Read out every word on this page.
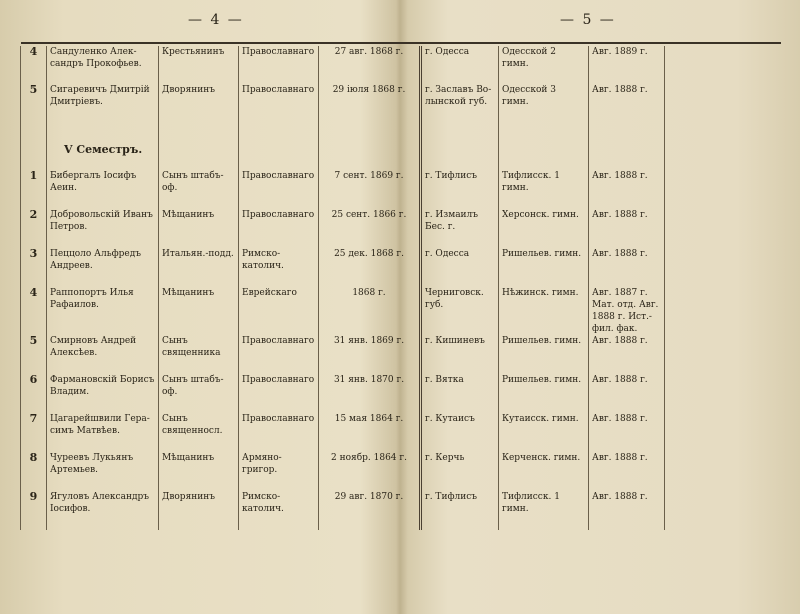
— 4 —	— 5 —

4	Сандуленко Алек-сандръ Прокофьев.	Крестьянинъ	Православнаго	27 авг. 1868 г.	г. Одесса	Одесской 2 гимн.	Авг. 1889 г.	
5	Сигаревичъ Дмитрій Дмитріевъ.	Дворянинъ	Православнаго	29 іюля 1868 г.	г. Заславъ Во-лынской губ.	Одесской 3 гимн.	Авг. 1888 г.	

	V Семестръ.							

1	Бибергалъ Іосифъ Аеин.	Сынъ штабъ-оф.	Православнаго	7 сент. 1869 г.	г. Тифлисъ	Тифлисск. 1 гимн.	Авг. 1888 г.	
2	Добровольскій Иванъ Петров.	Мѣщанинъ	Православнаго	25 сент. 1866 г.	г. Измаилъ Бес. г.	Херсонск. гимн.	Авг. 1888 г.	
3	Пеццоло Альфредъ Андреев.	Итальян.-подд.	Римско-католич.	25 дек. 1868 г.	г. Одесса	Ришельев. гимн.	Авг. 1888 г.	
4	Раппопортъ Илья Рафаилов.	Мѣщанинъ	Еврейскаго	1868 г.	Черниговск. губ.	Нѣжинск. гимн.	Авг. 1887 г. Мат. отд. Авг. 1888 г. Ист.-фил. фак.	
5	Смирновъ Андрей Алексѣев.	Сынъ священника	Православнаго	31 янв. 1869 г.	г. Кишиневъ	Ришельев. гимн.	Авг. 1888 г.	
6	Фармановскій Борисъ Владим.	Сынъ штабъ-оф.	Православнаго	31 янв. 1870 г.	г. Вятка	Ришельев. гимн.	Авг. 1888 г.	
7	Цагарейшвили Гера-симъ Матвѣев.	Сынъ священносл.	Православнаго	15 мая 1864 г.	г. Кутаисъ	Кутаисск. гимн.	Авг. 1888 г.	
8	Чуреевъ Лукьянъ Артемьев.	Мѣщанинъ	Армяно-григор.	2 ноябр. 1864 г.	г. Керчь	Керченск. гимн.	Авг. 1888 г.	
9	Ягуловъ Александръ Іосифов.	Дворянинъ	Римско-католич.	29 авг. 1870 г.	г. Тифлисъ	Тифлисск. 1 гимн.	Авг. 1888 г.	
